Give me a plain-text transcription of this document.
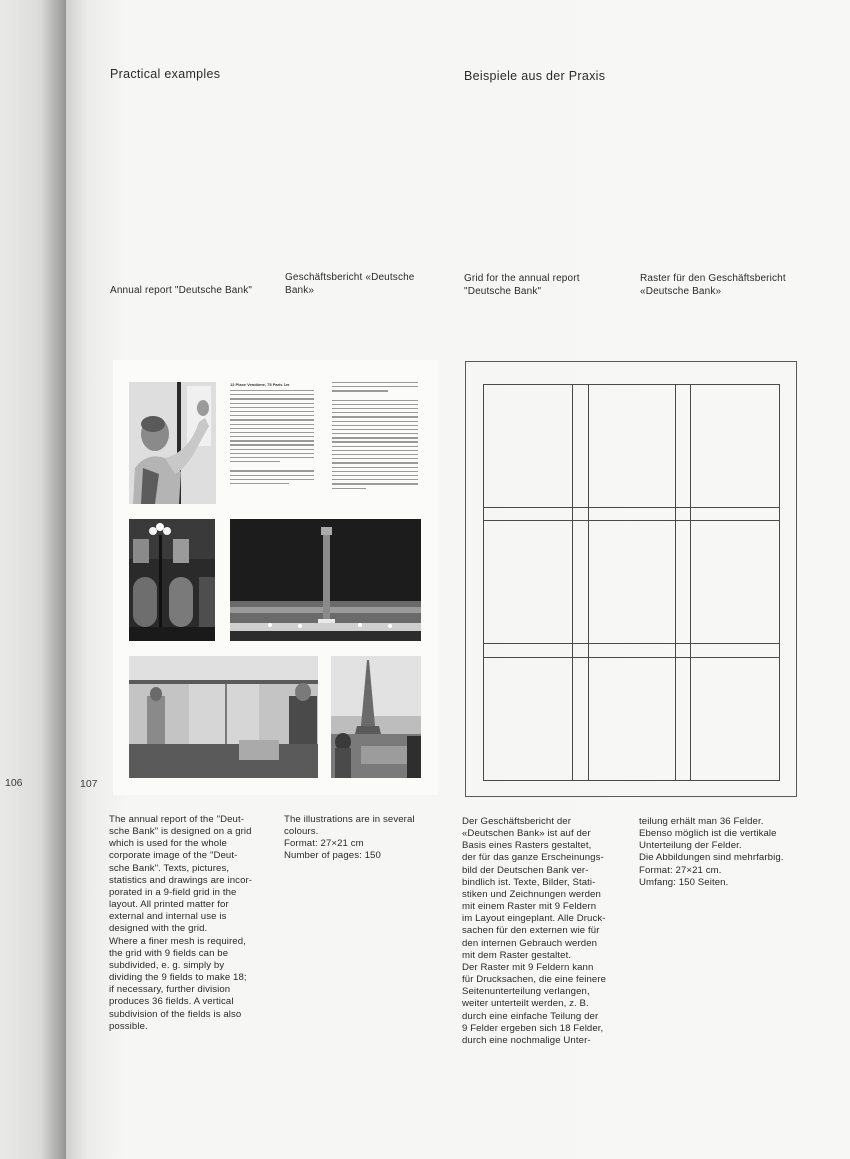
106	107
Practical examples	Beispiele aus der Praxis
Annual report "Deutsche Bank"
Geschäftsbericht «Deutsche
Bank»
Grid for the annual report
"Deutsche Bank"
Raster für den Geschäftsbericht
«Deutsche Bank»
12 Place Vendôme, 75 Paris 1er
The annual report of the "Deut-
sche Bank" is designed on a grid
which is used for the whole
corporate image of the "Deut-
sche Bank". Texts, pictures,
statistics and drawings are incor-
porated in a 9-field grid in the
layout. All printed matter for
external and internal use is
designed with the grid.
Where a finer mesh is required,
the grid with 9 fields can be
subdivided, e. g. simply by
dividing the 9 fields to make 18;
if necessary, further division
produces 36 fields. A vertical
subdivision of the fields is also
possible.
The illustrations are in several
colours.
Format: 27×21 cm
Number of pages: 150
Der Geschäftsbericht der
«Deutschen Bank» ist auf der
Basis eines Rasters gestaltet,
der für das ganze Erscheinungs-
bild der Deutschen Bank ver-
bindlich ist. Texte, Bilder, Stati-
stiken und Zeichnungen werden
mit einem Raster mit 9 Feldern
im Layout eingeplant. Alle Druck-
sachen für den externen wie für
den internen Gebrauch werden
mit dem Raster gestaltet.
Der Raster mit 9 Feldern kann
für Drucksachen, die eine feinere
Seitenunterteilung verlangen,
weiter unterteilt werden, z. B.
durch eine einfache Teilung der
9 Felder ergeben sich 18 Felder,
durch eine nochmalige Unter-
teilung erhält man 36 Felder.
Ebenso möglich ist die vertikale
Unterteilung der Felder.
Die Abbildungen sind mehrfarbig.
Format: 27×21 cm.
Umfang: 150 Seiten.
